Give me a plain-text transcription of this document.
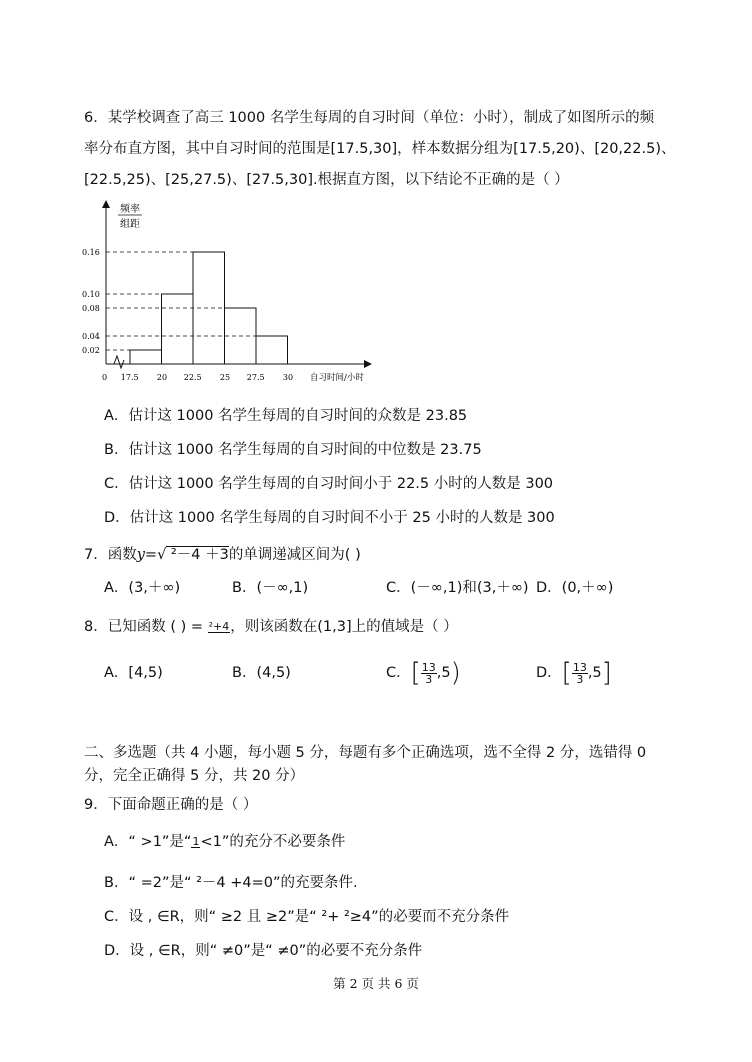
6．某学校调查了高三 1000 名学生每周的自习时间（单位：小时），制成了如图所示的频
率分布直方图，其中自习时间的范围是[17.5,30]，样本数据分组为[17.5,20)、[20,22.5)、
[22.5,25)、[25,27.5)、[27.5,30].根据直方图，以下结论不正确的是（ ）
频率
组距
0
0.16
0.10
0.08
0.04
0.02
17.5 20 22.5 25 27.5 30 自习时间/小时
A．估计这 1000 名学生每周的自习时间的众数是 23.85
B．估计这 1000 名学生每周的自习时间的中位数是 23.75
C．估计这 1000 名学生每周的自习时间小于 22.5 小时的人数是 300
D．估计这 1000 名学生每周的自习时间不小于 25 小时的人数是 300
7．函数y=√ ²－4 ＋3的单调递减区间为( )
A．(3,＋∞)	B．(－∞,1)	C．(－∞,1)和(3,＋∞) D．(0,＋∞)
8．已知函数 ( ) = ²+4 ，则该函数在(1,3]上的值域是（ ）
A．[4,5)	B．(4,5)	C．[ $\frac{13}{3} ,5$)	D．[ $\frac{13}{3} ,5$]
二、多选题（共 4 小题，每小题 5 分，每题有多个正确选项，选不全得 2 分，选错得 0
分，完全正确得 5 分，共 20 分）
9．下面命题正确的是（ ）
A．“ >1”是“ 1 <1”的充分不必要条件
B．“ =2”是“ ²－4 +4=0”的充要条件.
C．设 , ∈R，则“ ≥2 且 ≥2”是“ ²+ ²≥4”的必要而不充分条件
D．设 , ∈R，则“ ≠0”是“ ≠0”的必要不充分条件
第 2 页 共 6 页
